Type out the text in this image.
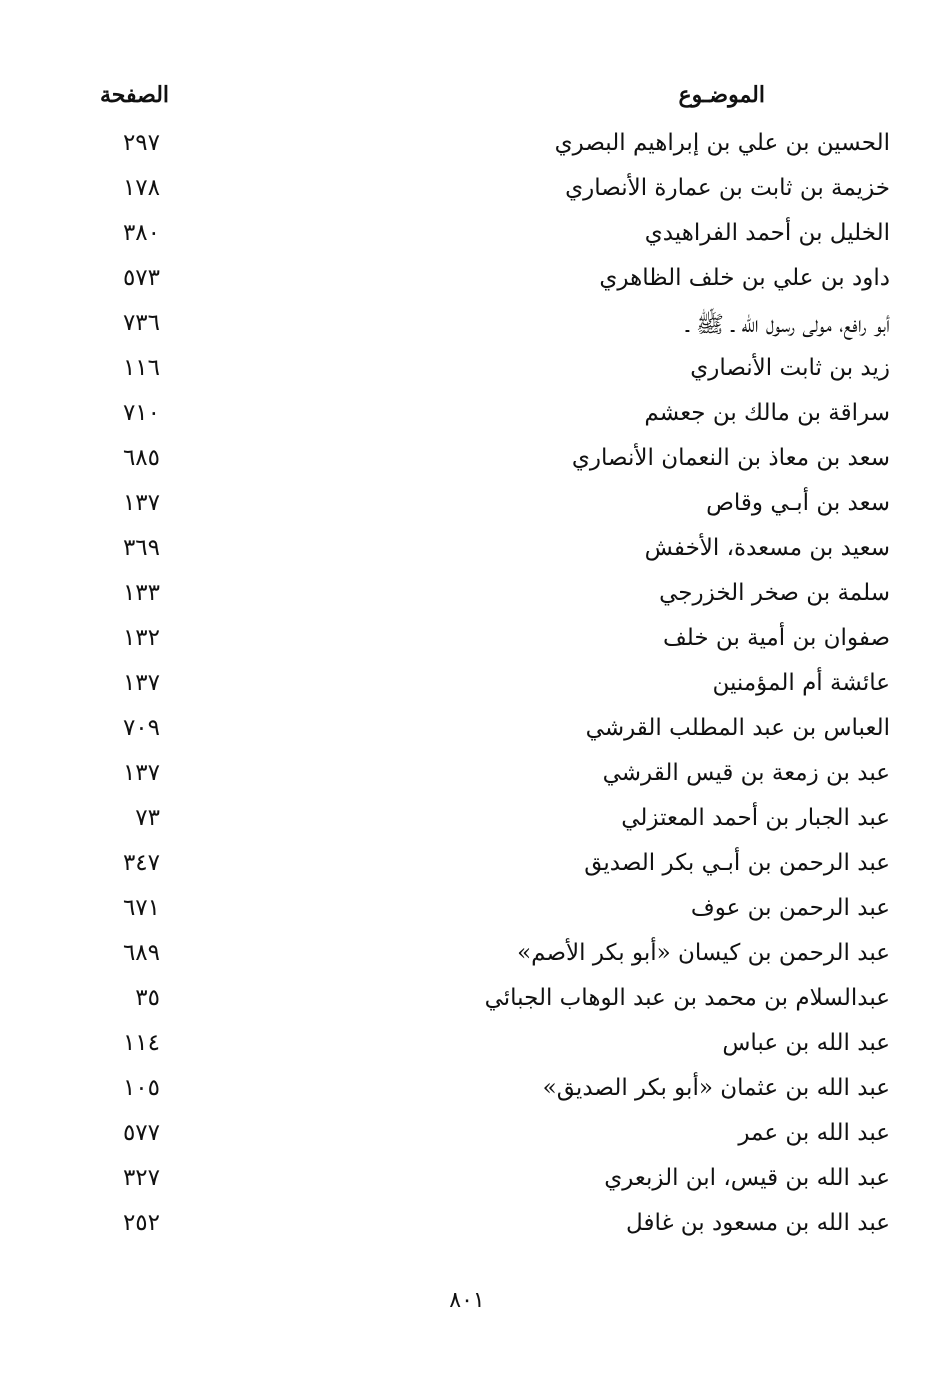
الموضـوع
الصفحة
الحسين بن علي بن إبراهيم البصري
٢٩٧
خزيمة بن ثابت بن عمارة الأنصاري
١٧٨
الخليل بن أحمد الفراهيدي
٣٨٠
داود بن علي بن خلف الظاهري
٥٧٣
أبو رافع، مولى رسول الله ـ ﷺ ـ
٧٣٦
زيد بن ثابت الأنصاري
١١٦
سراقة بن مالك بن جعشم
٧١٠
سعد بن معاذ بن النعمان الأنصاري
٦٨٥
سعد بن أبـي وقاص
١٣٧
سعيد بن مسعدة، الأخفش
٣٦٩
سلمة بن صخر الخزرجي
١٣٣
صفوان بن أمية بن خلف
١٣٢
عائشة أم المؤمنين
١٣٧
العباس بن عبد المطلب القرشي
٧٠٩
عبد بن زمعة بن قيس القرشي
١٣٧
عبد الجبار بن أحمد المعتزلي
٧٣
عبد الرحمن بن أبـي بكر الصديق
٣٤٧
عبد الرحمن بن عوف
٦٧١
عبد الرحمن بن كيسان «أبو بكر الأصم»
٦٨٩
عبدالسلام بن محمد بن عبد الوهاب الجبائي
٣٥
عبد الله بن عباس
١١٤
عبد الله بن عثمان «أبو بكر الصديق»
١٠٥
عبد الله بن عمر
٥٧٧
عبد الله بن قيس، ابن الزبعري
٣٢٧
عبد الله بن مسعود بن غافل
٢٥٢
٨٠١
